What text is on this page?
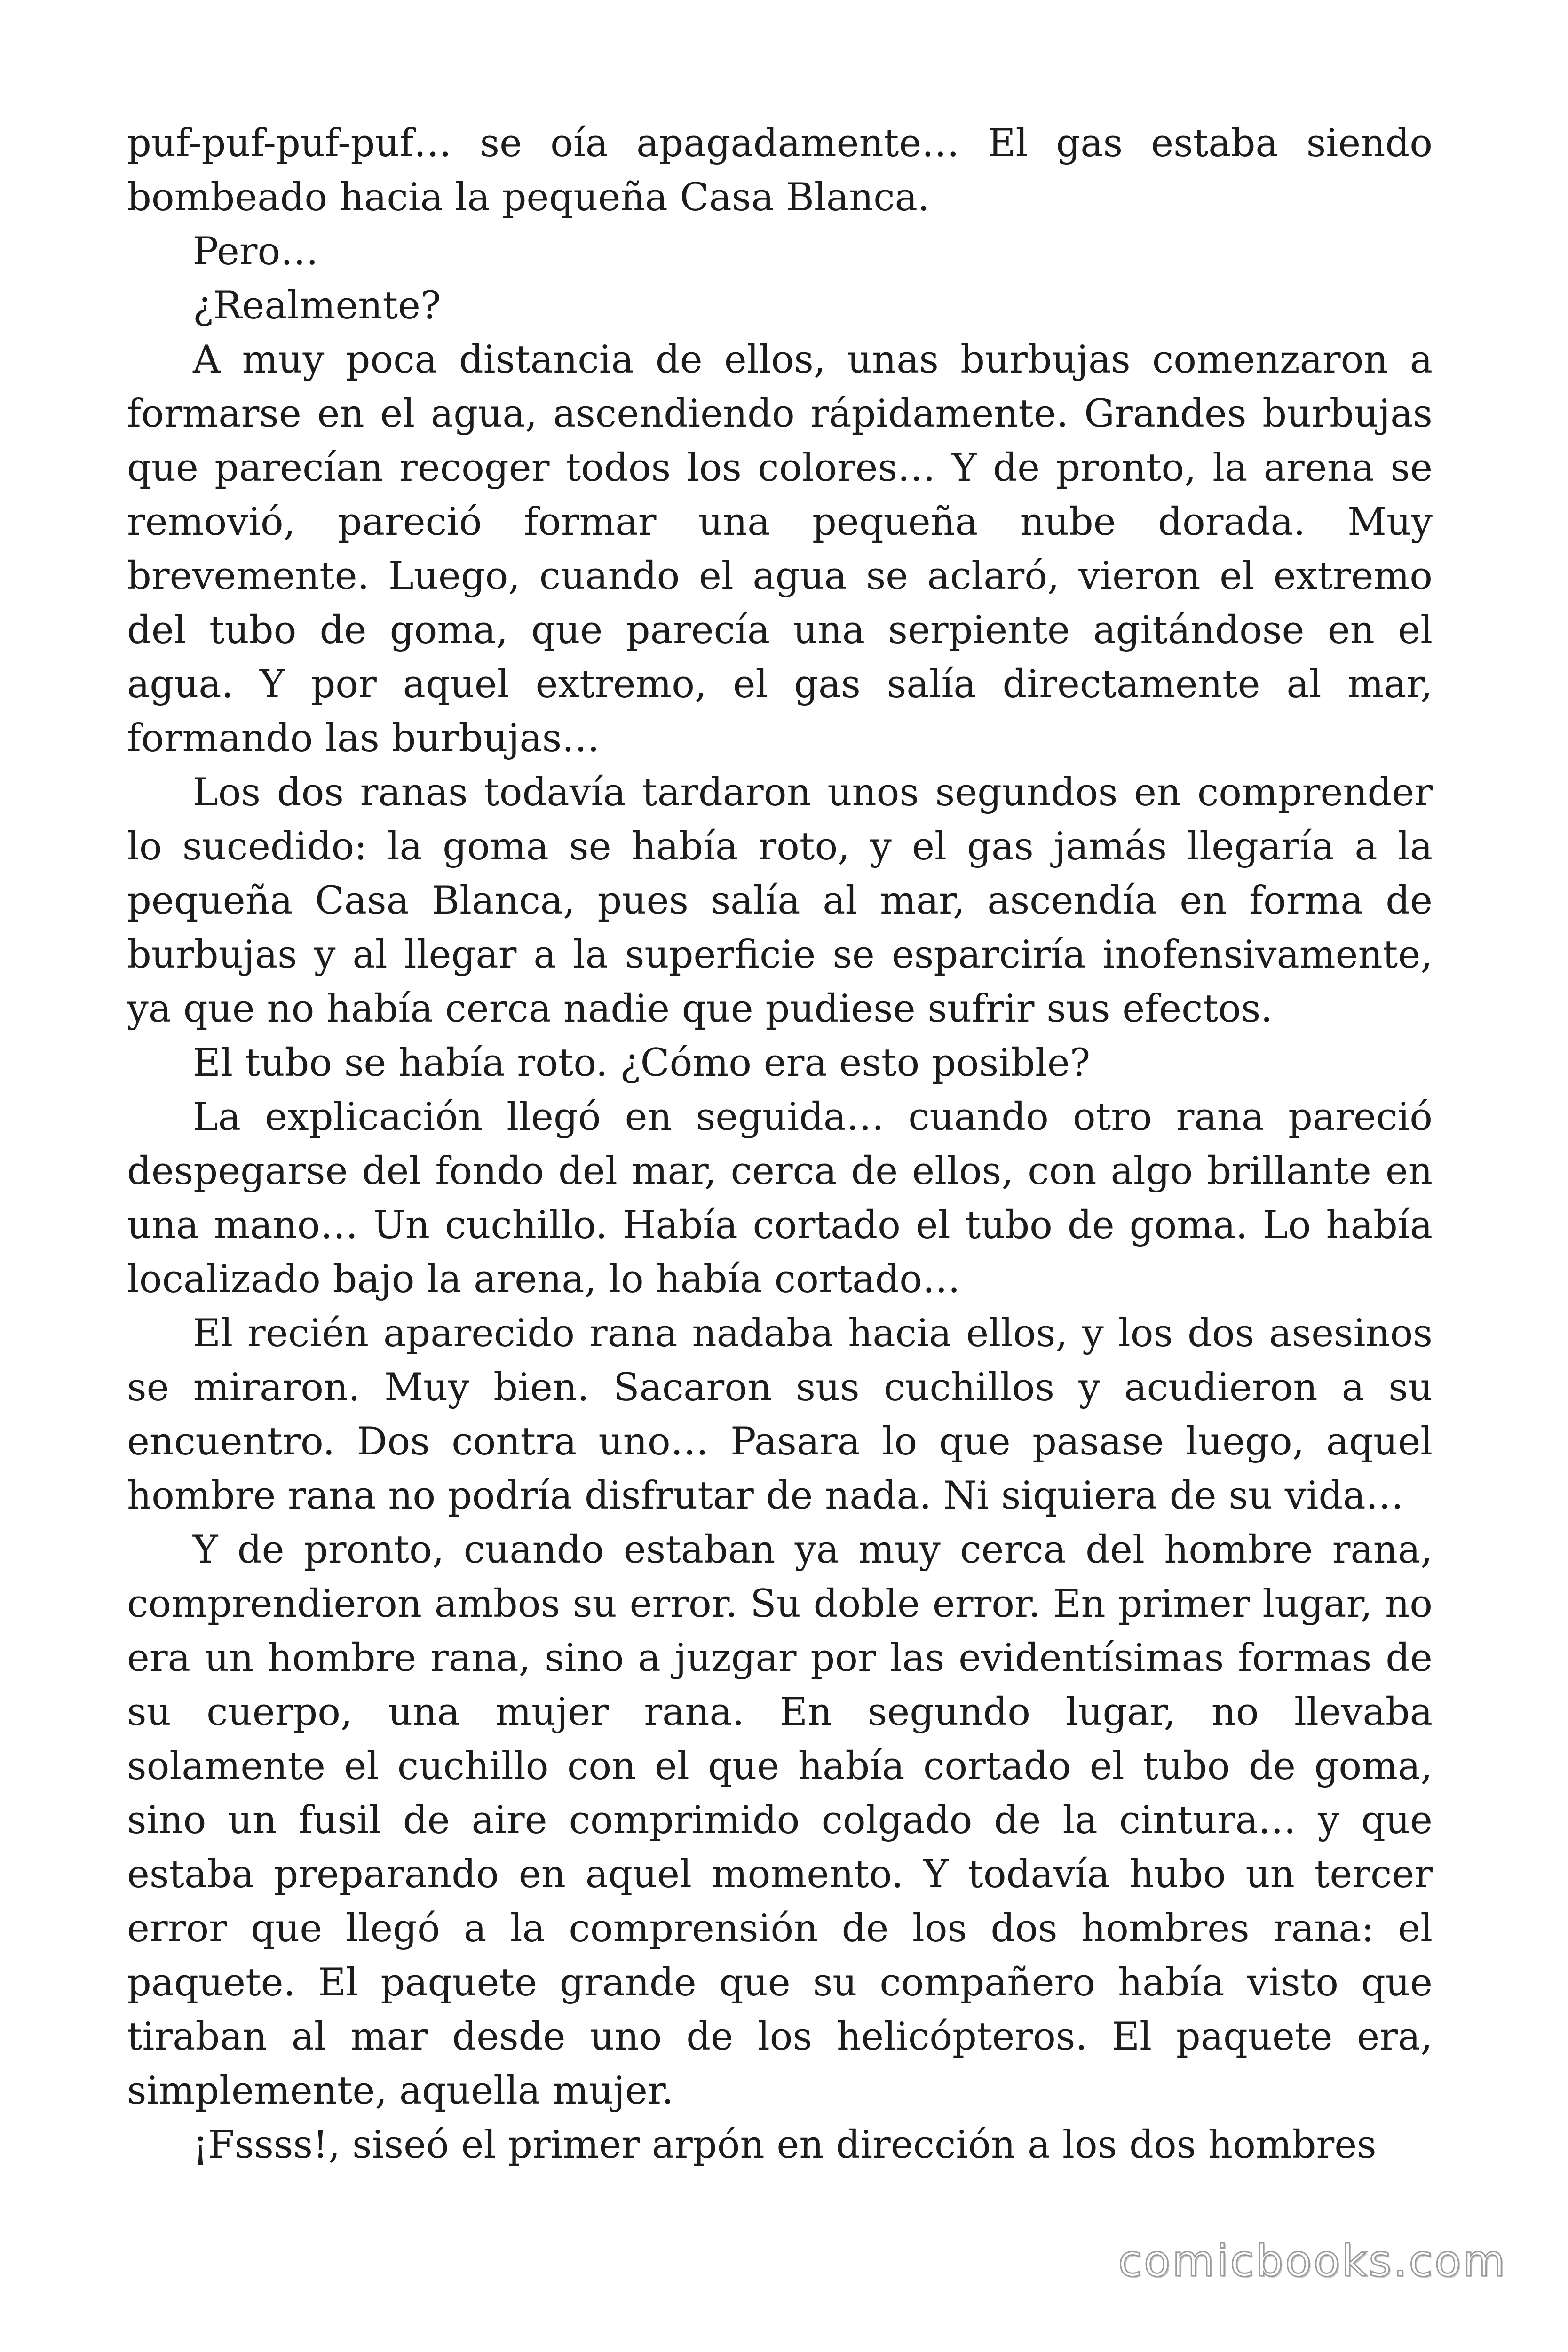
puf-puf-puf-puf… se oía apagadamente… El gas estaba siendo bombeado hacia la pequeña Casa Blanca.

Pero…

¿Realmente?

A muy poca distancia de ellos, unas burbujas comenzaron a formarse en el agua, ascendiendo rápidamente. Grandes burbujas que parecían recoger todos los colores… Y de pronto, la arena se removió, pareció formar una pequeña nube dorada. Muy brevemente. Luego, cuando el agua se aclaró, vieron el extremo del tubo de goma, que parecía una serpiente agitándose en el agua. Y por aquel extremo, el gas salía directamente al mar, formando las burbujas…

Los dos ranas todavía tardaron unos segundos en comprender lo sucedido: la goma se había roto, y el gas jamás llegaría a la pequeña Casa Blanca, pues salía al mar, ascendía en forma de burbujas y al llegar a la superficie se esparciría inofensivamente, ya que no había cerca nadie que pudiese sufrir sus efectos.

El tubo se había roto. ¿Cómo era esto posible?

La explicación llegó en seguida… cuando otro rana pareció despegarse del fondo del mar, cerca de ellos, con algo brillante en una mano… Un cuchillo. Había cortado el tubo de goma. Lo había localizado bajo la arena, lo había cortado…

El recién aparecido rana nadaba hacia ellos, y los dos asesinos se miraron. Muy bien. Sacaron sus cuchillos y acudieron a su encuentro. Dos contra uno… Pasara lo que pasase luego, aquel hombre rana no podría disfrutar de nada. Ni siquiera de su vida…

Y de pronto, cuando estaban ya muy cerca del hombre rana, comprendieron ambos su error. Su doble error. En primer lugar, no era un hombre rana, sino a juzgar por las evidentísimas formas de su cuerpo, una mujer rana. En segundo lugar, no llevaba solamente el cuchillo con el que había cortado el tubo de goma, sino un fusil de aire comprimido colgado de la cintura… y que estaba preparando en aquel momento. Y todavía hubo un tercer error que llegó a la comprensión de los dos hombres rana: el paquete. El paquete grande que su compañero había visto que tiraban al mar desde uno de los helicópteros. El paquete era, simplemente, aquella mujer.

¡Fssss!, siseó el primer arpón en dirección a los dos hombres

comicbooks.com
